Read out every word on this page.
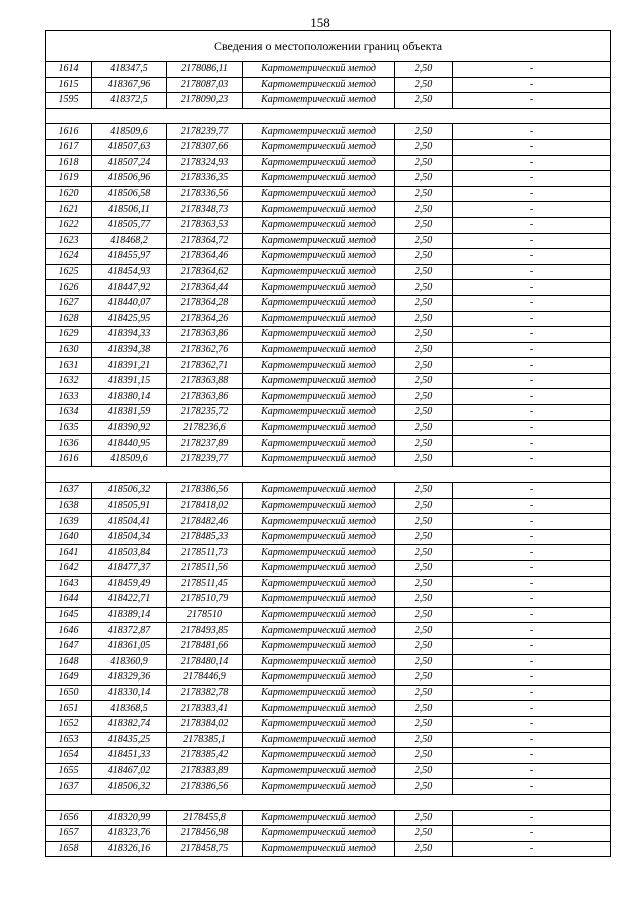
158
Сведения о местоположении границ объекта					
1614	418347,5	2178086,11	Картометрический метод	2,50	-
1615	418367,96	2178087,03	Картометрический метод	2,50	-
1595	418372,5	2178090,23	Картометрический метод	2,50	-

1616	418509,6	2178239,77	Картометрический метод	2,50	-
1617	418507,63	2178307,66	Картометрический метод	2,50	-
1618	418507,24	2178324,93	Картометрический метод	2,50	-
1619	418506,96	2178336,35	Картометрический метод	2,50	-
1620	418506,58	2178336,56	Картометрический метод	2,50	-
1621	418506,11	2178348,73	Картометрический метод	2,50	-
1622	418505,77	2178363,53	Картометрический метод	2,50	-
1623	418468,2	2178364,72	Картометрический метод	2,50	-
1624	418455,97	2178364,46	Картометрический метод	2,50	-
1625	418454,93	2178364,62	Картометрический метод	2,50	-
1626	418447,92	2178364,44	Картометрический метод	2,50	-
1627	418440,07	2178364,28	Картометрический метод	2,50	-
1628	418425,95	2178364,26	Картометрический метод	2,50	-
1629	418394,33	2178363,86	Картометрический метод	2,50	-
1630	418394,38	2178362,76	Картометрический метод	2,50	-
1631	418391,21	2178362,71	Картометрический метод	2,50	-
1632	418391,15	2178363,88	Картометрический метод	2,50	-
1633	418380,14	2178363,86	Картометрический метод	2,50	-
1634	418381,59	2178235,72	Картометрический метод	2,50	-
1635	418390,92	2178236,6	Картометрический метод	2,50	-
1636	418440,95	2178237,89	Картометрический метод	2,50	-
1616	418509,6	2178239,77	Картометрический метод	2,50	-

1637	418506,32	2178386,56	Картометрический метод	2,50	-
1638	418505,91	2178418,02	Картометрический метод	2,50	-
1639	418504,41	2178482,46	Картометрический метод	2,50	-
1640	418504,34	2178485,33	Картометрический метод	2,50	-
1641	418503,84	2178511,73	Картометрический метод	2,50	-
1642	418477,37	2178511,56	Картометрический метод	2,50	-
1643	418459,49	2178511,45	Картометрический метод	2,50	-
1644	418422,71	2178510,79	Картометрический метод	2,50	-
1645	418389,14	2178510	Картометрический метод	2,50	-
1646	418372,87	2178493,85	Картометрический метод	2,50	-
1647	418361,05	2178481,66	Картометрический метод	2,50	-
1648	418360,9	2178480,14	Картометрический метод	2,50	-
1649	418329,36	2178446,9	Картометрический метод	2,50	-
1650	418330,14	2178382,78	Картометрический метод	2,50	-
1651	418368,5	2178383,41	Картометрический метод	2,50	-
1652	418382,74	2178384,02	Картометрический метод	2,50	-
1653	418435,25	2178385,1	Картометрический метод	2,50	-
1654	418451,33	2178385,42	Картометрический метод	2,50	-
1655	418467,02	2178383,89	Картометрический метод	2,50	-
1637	418506,32	2178386,56	Картометрический метод	2,50	-

1656	418320,99	2178455,8	Картометрический метод	2,50	-
1657	418323,76	2178456,98	Картометрический метод	2,50	-
1658	418326,16	2178458,75	Картометрический метод	2,50	-
